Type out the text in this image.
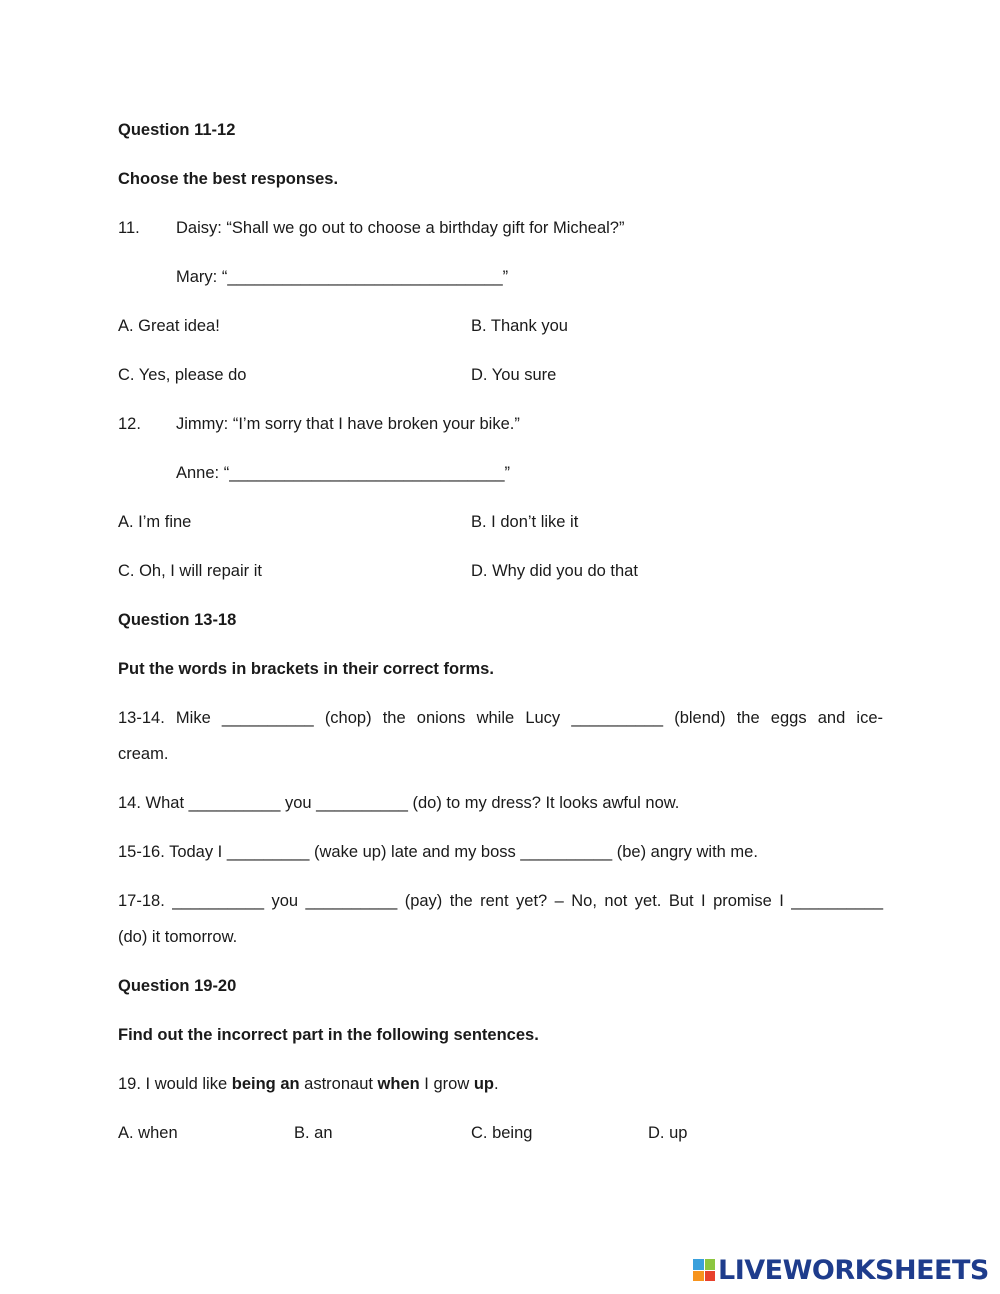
Question 11-12
Choose the best responses.
11. Daisy: “Shall we go out to choose a birthday gift for Micheal?”
Mary: “______________________________”
A. Great idea!	B. Thank you
C. Yes, please do	D. You sure
12. Jimmy: “I’m sorry that I have broken your bike.”
Anne: “______________________________”
A. I’m fine	B. I don’t like it
C. Oh, I will repair it	D. Why did you do that
Question 13-18
Put the words in brackets in their correct forms.
13-14. Mike __________ (chop) the onions while Lucy __________ (blend) the eggs and ice-
cream.
14. What __________ you __________ (do) to my dress? It looks awful now.
15-16. Today I _________ (wake up) late and my boss __________ (be) angry with me.
17-18. __________ you __________ (pay) the rent yet? – No, not yet. But I promise I __________
(do) it tomorrow.
Question 19-20
Find out the incorrect part in the following sentences.
19. I would like being an astronaut when I grow up.
A. when	B. an	C. being	D. up
LIVEWORKSHEETS
